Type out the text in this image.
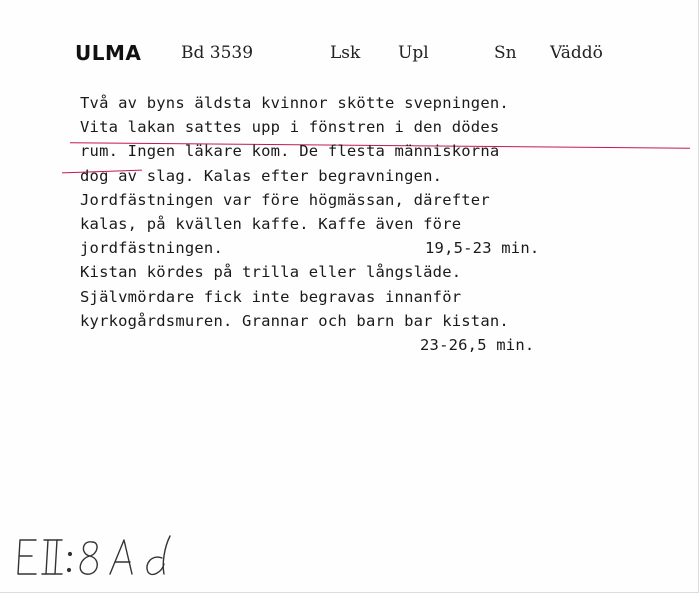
ULMA Bd 3539	Lsk Upl	Sn Väddö
Två av byns äldsta kvinnor skötte svepningen.
Vita lakan sattes upp i fönstren i den dödes
rum. Ingen läkare kom. De flesta människorna
dog av slag. Kalas efter begravningen.
Jordfästningen var före högmässan, därefter
kalas, på kvällen kaffe. Kaffe även före
jordfästningen.	19,5-23 min.
Kistan kördes på trilla eller långsläde.
Självmördare fick inte begravas innanför
kyrkogårdsmuren. Grannar och barn bar kistan.
23-26,5 min.
